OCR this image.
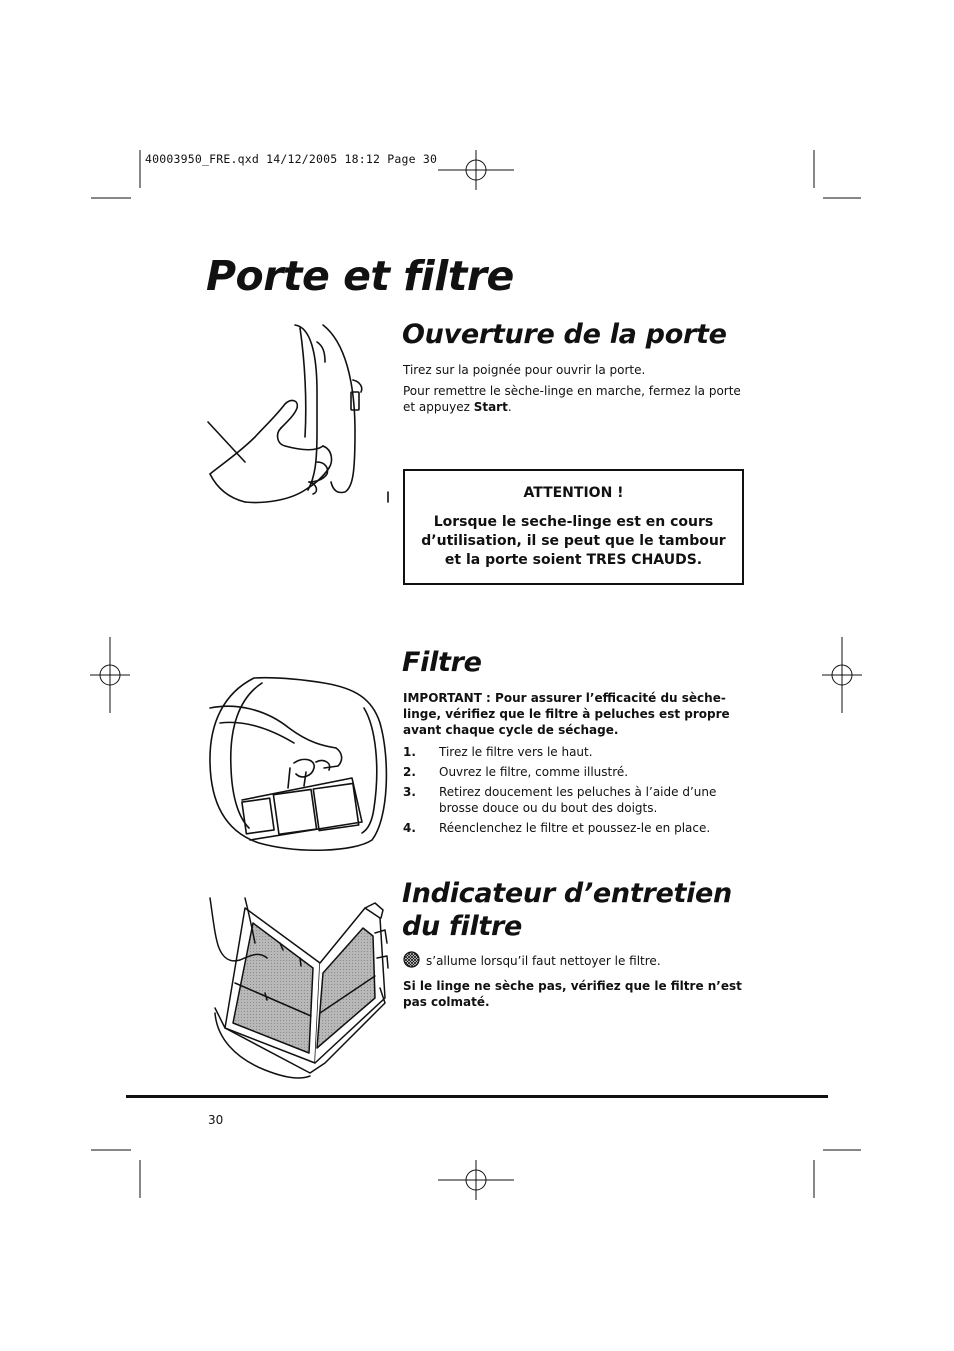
40003950_FRE.qxd 14/12/2005 18:12 Page 30
Porte et filtre
Ouverture de la porte

Tirez sur la poignée pour ouvrir la porte.

Pour remettre le sèche-linge en marche, fermez la porte et appuyez Start.

ATTENTION !
Lorsque le seche-linge est en cours d’utilisation, il se peut que le tambour et la porte soient TRES CHAUDS.
Filtre

IMPORTANT : Pour assurer l’efficacité du sèche-linge, vérifiez que le filtre à peluches est propre avant chaque cycle de séchage.

1. Tirez le filtre vers le haut.
2. Ouvrez le filtre, comme illustré.
3. Retirez doucement les peluches à l’aide d’une brosse douce ou du bout des doigts.
4. Réenclenchez le filtre et poussez-le en place.
Indicateur d’entretien du filtre

s’allume lorsqu’il faut nettoyer le filtre.

Si le linge ne sèche pas, vérifiez que le filtre n’est pas colmaté.

30
